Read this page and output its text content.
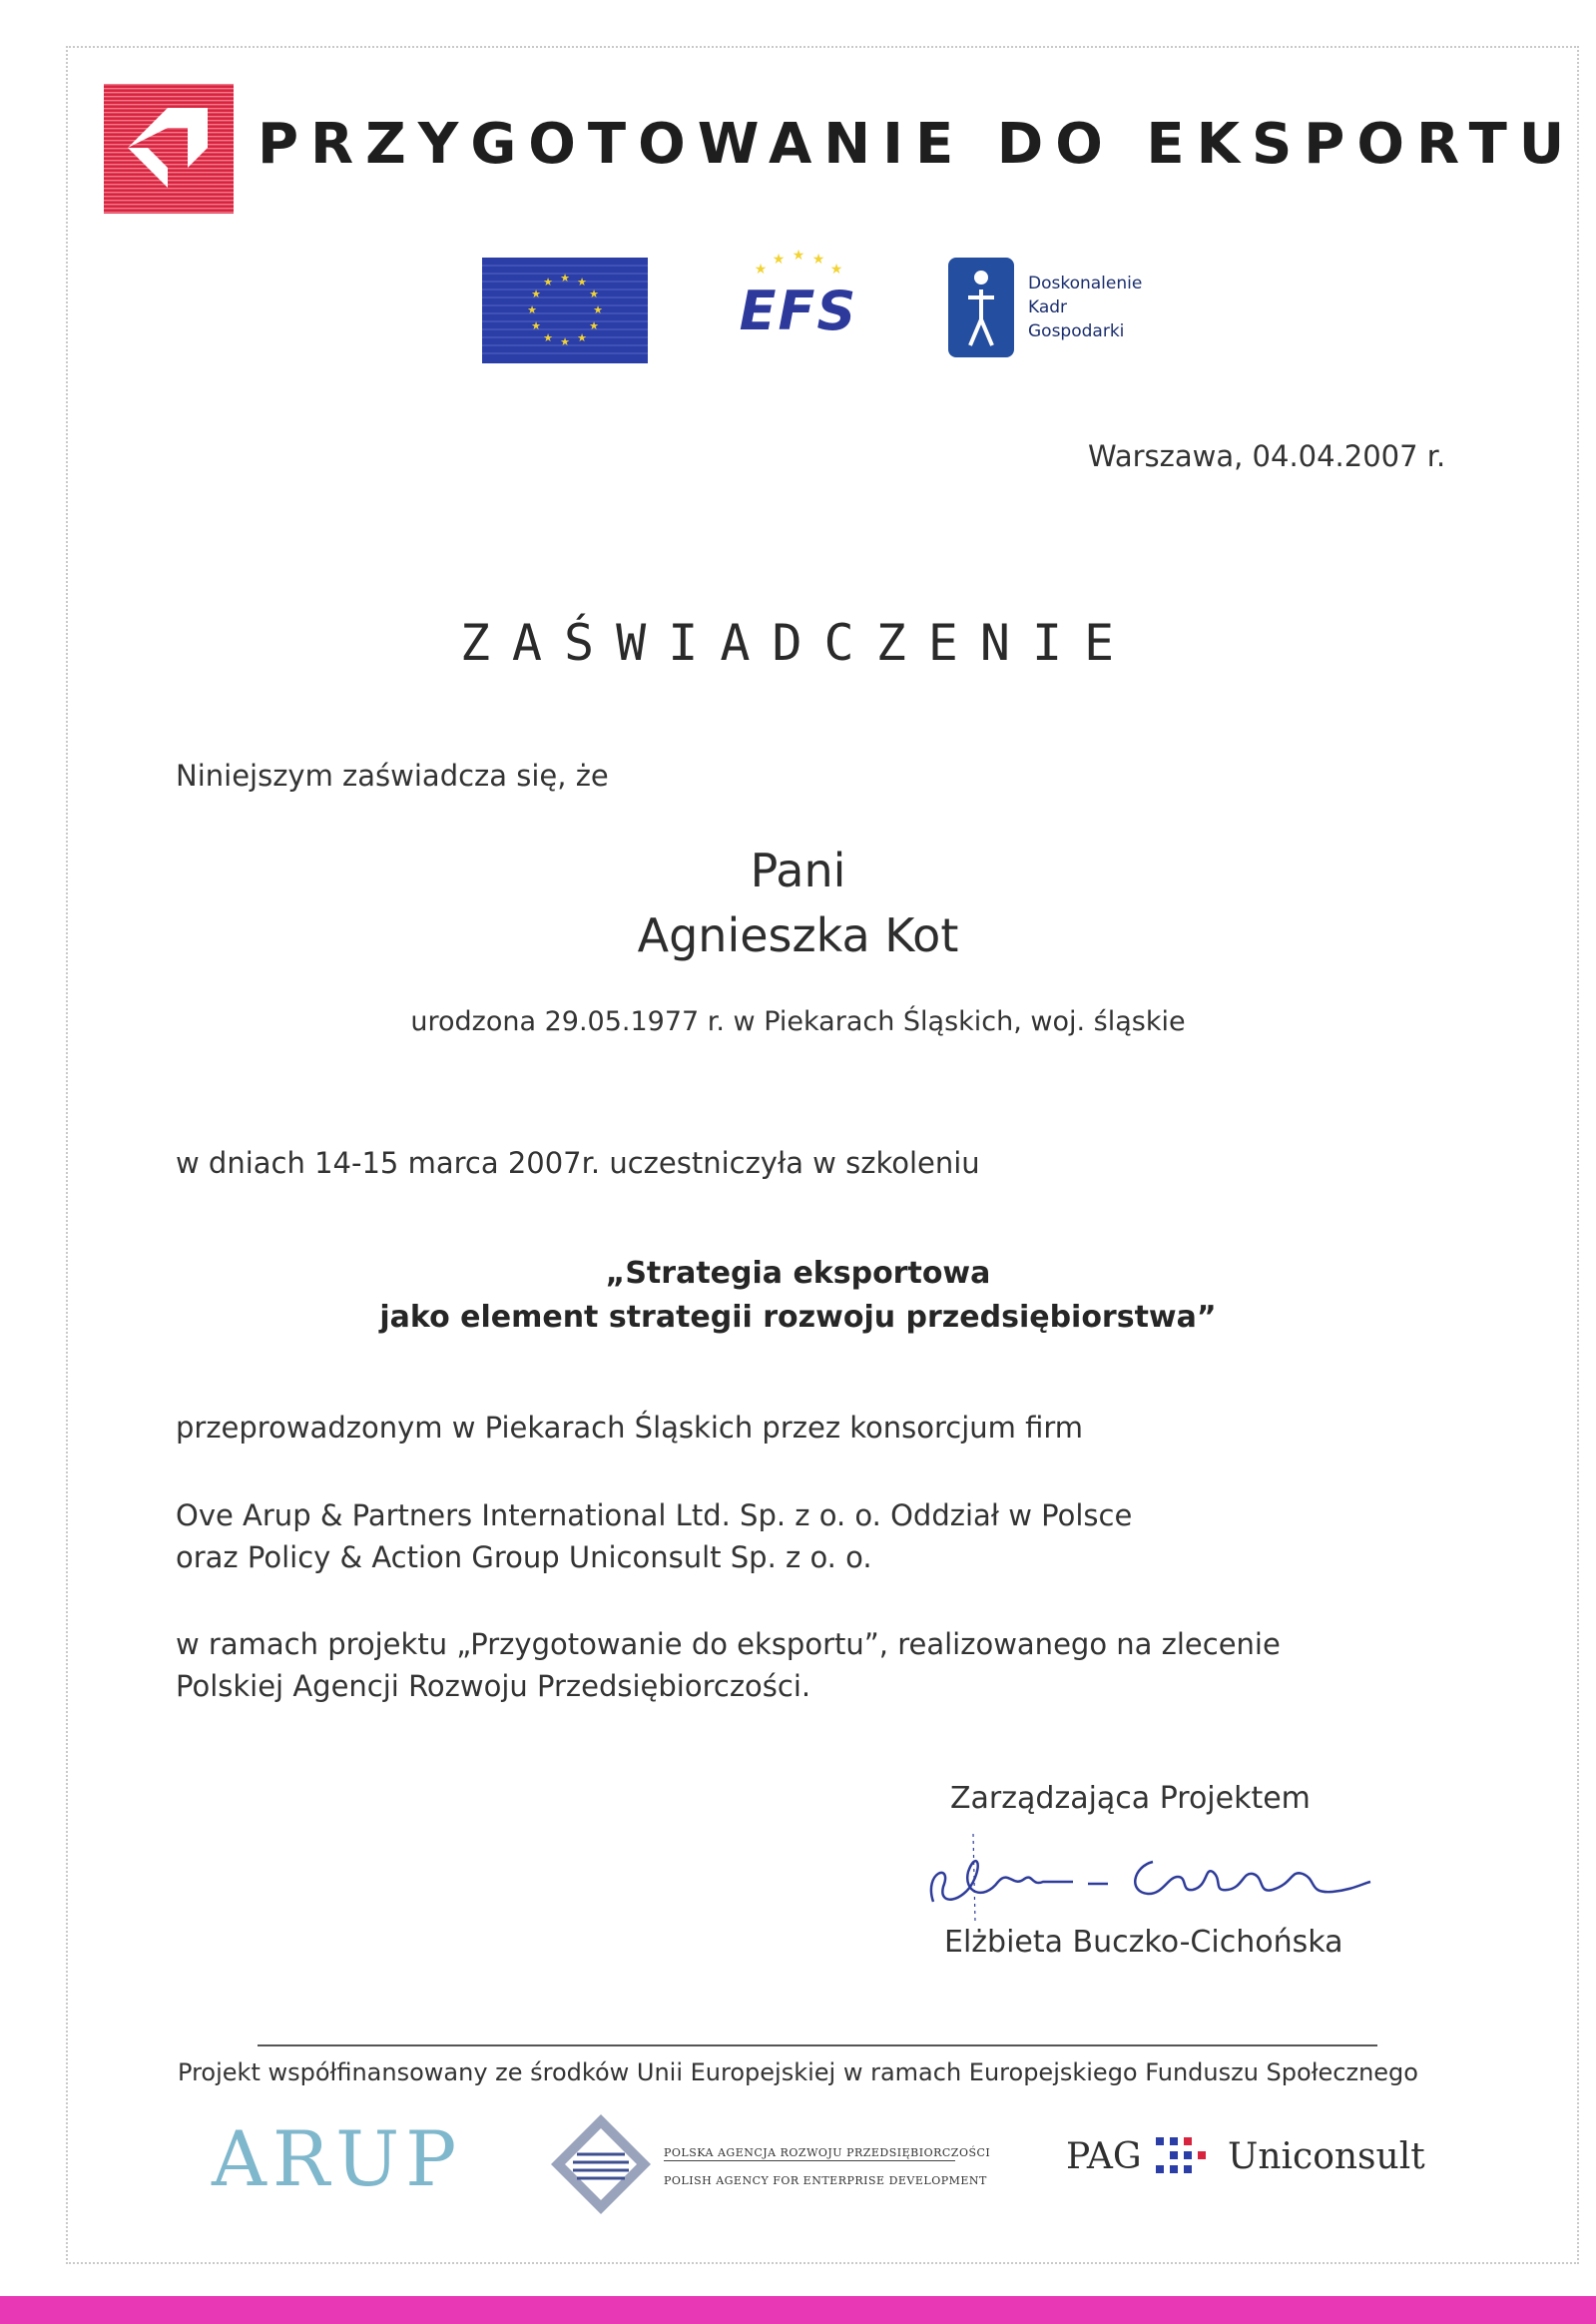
PRZYGOTOWANIE DO EKSPORTU
★ ★
★
★
★
★
★
★
★
★
★
★
★
★ ★ ★
★
EFS	Doskonalenie
Kadr
Gospodarki
Warszawa, 04.04.2007 r.
ZAŚWIADCZENIE
Niniejszym zaświadcza się, że
Pani
Agnieszka Kot
urodzona 29.05.1977 r. w Piekarach Śląskich, woj. śląskie
w dniach 14-15 marca 2007r. uczestniczyła w szkoleniu
„Strategia eksportowa
jako element strategii rozwoju przedsiębiorstwa”
przeprowadzonym w Piekarach Śląskich przez konsorcjum firm
Ove Arup & Partners International Ltd. Sp. z o. o. Oddział w Polsce
oraz Policy & Action Group Uniconsult Sp. z o. o.
w ramach projektu „Przygotowanie do eksportu”, realizowanego na zlecenie
Polskiej Agencji Rozwoju Przedsiębiorczości.
Zarządzająca Projektem
Elżbieta Buczko-Cichońska
Projekt współfinansowany ze środków Unii Europejskiej w ramach Europejskiego Funduszu Społecznego
ARUP	POLSKA AGENCJA ROZWOJU PRZEDSIĘBIORCZOŚCI
POLISH AGENCY FOR ENTERPRISE DEVELOPMENT
PAG Uniconsult
